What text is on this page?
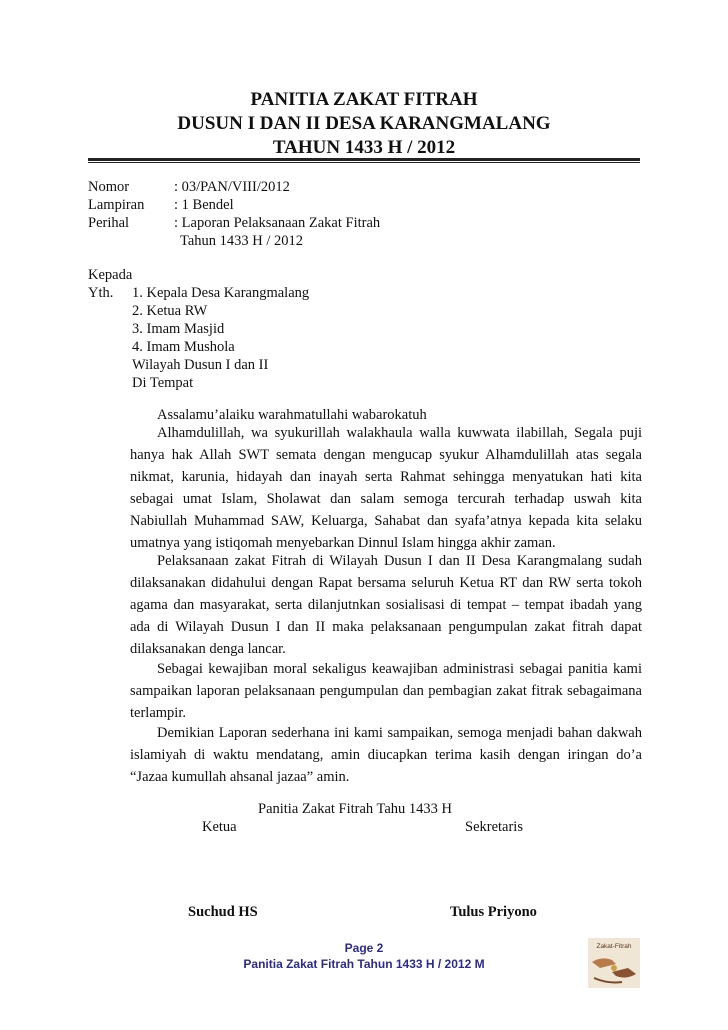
PANITIA ZAKAT FITRAH
DUSUN I DAN II DESA KARANGMALANG
TAHUN 1433 H / 2012
Nomor	: 03/PAN/VIII/2012
Lampiran : 1 Bendel
Perihal	: Laporan Pelaksanaan Zakat Fitrah
Tahun 1433 H / 2012
Kepada
Yth. 1. Kepala Desa Karangmalang
2. Ketua RW
3. Imam Masjid
4. Imam Mushola
Wilayah Dusun I dan II
Di Tempat
Assalamu’alaiku warahmatullahi wabarokatuh

Alhamdulillah, wa syukurillah walakhaula walla kuwwata ilabillah, Segala puji hanya hak Allah SWT semata dengan mengucap syukur Alhamdulillah atas segala nikmat, karunia, hidayah dan inayah serta Rahmat sehingga menyatukan hati kita sebagai umat Islam, Sholawat dan salam semoga tercurah terhadap uswah kita Nabiullah Muhammad SAW, Keluarga, Sahabat dan syafa’atnya kepada kita selaku umatnya yang istiqomah menyebarkan Dinnul Islam hingga akhir zaman.

Pelaksanaan zakat Fitrah di Wilayah Dusun I dan II Desa Karangmalang sudah dilaksanakan didahului dengan Rapat bersama seluruh Ketua RT dan RW serta tokoh agama dan masyarakat, serta dilanjutnkan sosialisasi di tempat – tempat ibadah yang ada di Wilayah Dusun I dan II maka pelaksanaan pengumpulan zakat fitrah dapat dilaksanakan denga lancar.

Sebagai kewajiban moral sekaligus keawajiban administrasi sebagai panitia kami sampaikan laporan pelaksanaan pengumpulan dan pembagian zakat fitrak sebagaimana terlampir.

Demikian Laporan sederhana ini kami sampaikan, semoga menjadi bahan dakwah islamiyah di waktu mendatang, amin diucapkan terima kasih dengan iringan do’a “Jazaa kumullah ahsanal jazaa” amin.

Panitia Zakat Fitrah Tahu 1433 H
Ketua	Sekretaris
Suchud HS	Tulus Priyono
Page 2
Panitia Zakat Fitrah Tahun 1433 H / 2012 M
Zakat-Fitrah
